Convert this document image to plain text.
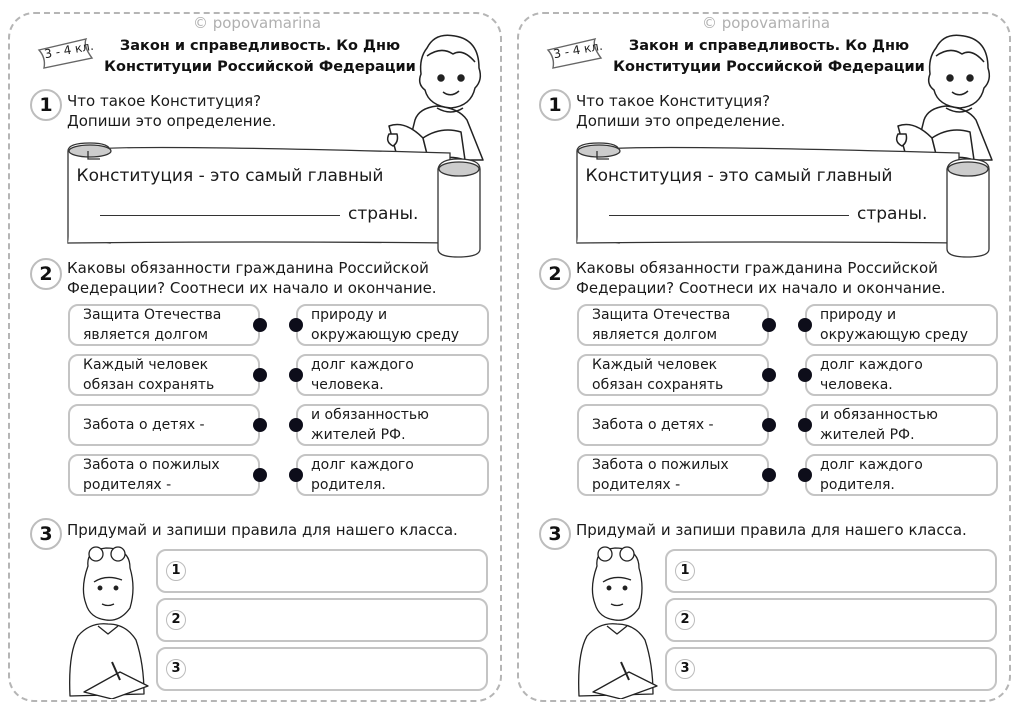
© popovamarina
3 - 4 кл.	Закон и справедливость. Ко Дню
Конституции Российской Федерации
1 Что такое Конституция?
Допиши это определение.
Конституция - это самый главный
страны.
2 Каковы обязанности гражданина Российской
Федерации? Соотнеси их начало и окончание.
Защита Отечества
является долгом
природу и
окружающую среду
Каждый человек
обязан сохранять
долг каждого
человека.
Забота о детях -
и обязанностью
жителей РФ.
Забота о пожилых
родителях -
долг каждого
родителя.
3 Придумай и запиши правила для нашего класса.
1
2
3
© popovamarina
3 - 4 кл.	Закон и справедливость. Ко Дню
Конституции Российской Федерации
1 Что такое Конституция?
Допиши это определение.
Конституция - это самый главный
страны.
2 Каковы обязанности гражданина Российской
Федерации? Соотнеси их начало и окончание.
Защита Отечества
является долгом
природу и
окружающую среду
Каждый человек
обязан сохранять
долг каждого
человека.
Забота о детях -
и обязанностью
жителей РФ.
Забота о пожилых
родителях -
долг каждого
родителя.
3 Придумай и запиши правила для нашего класса.
1
2
3
